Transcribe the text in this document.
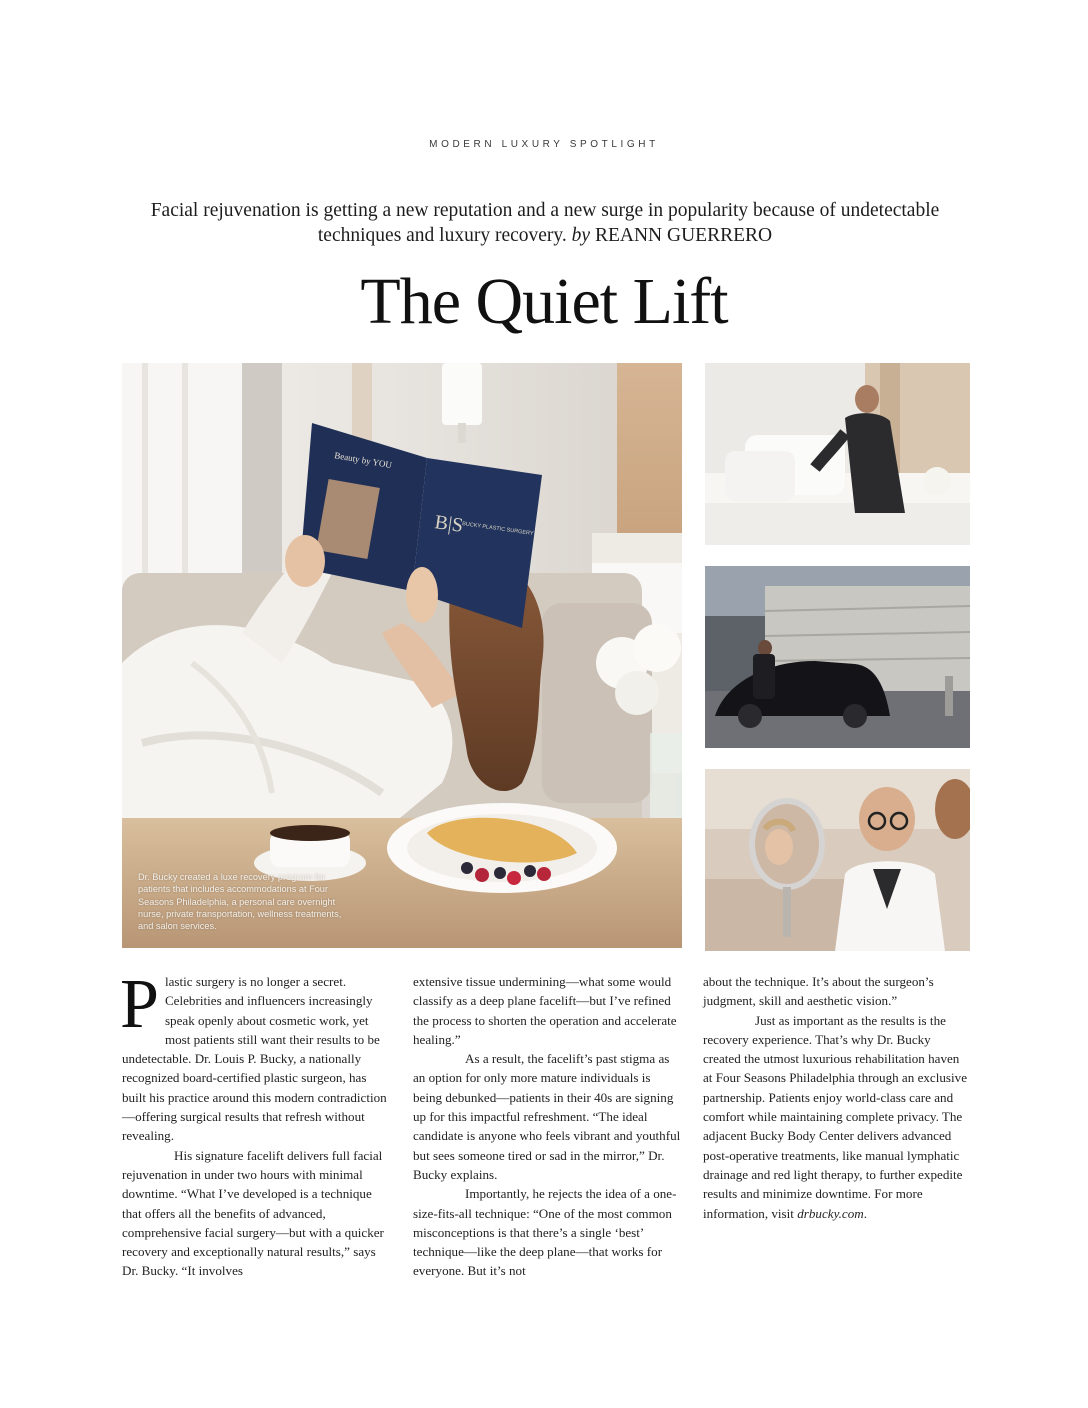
MODERN LUXURY SPOTLIGHT
Facial rejuvenation is getting a new reputation and a new surge in popularity because of undetectable techniques and luxury recovery. by REANN GUERRERO
The Quiet Lift
Beauty by YOU
B|S
BUCKY PLASTIC SURGERY
Dr. Bucky created a luxe recovery program for patients that includes accommodations at Four Seasons Philadelphia, a personal care overnight nurse, private transportation, wellness treatments, and salon services.
P lastic surgery is no longer a secret. Celebrities and influencers increasingly speak openly about cosmetic work, yet most patients still want their results to be undetectable. Dr. Louis P. Bucky, a nationally recognized board-certified plastic surgeon, has built his practice around this modern contradiction—offering surgical results that refresh without revealing.

His signature facelift delivers full facial rejuvenation in under two hours with minimal downtime. “What I’ve developed is a technique that offers all the benefits of advanced, comprehensive facial surgery—but with a quicker recovery and exceptionally natural results,” says Dr. Bucky. “It involves

extensive tissue undermining—what some would classify as a deep plane facelift—but I’ve refined the process to shorten the operation and accelerate healing.”

As a result, the facelift’s past stigma as an option for only more mature individuals is being debunked—patients in their 40s are signing up for this impactful refreshment. “The ideal candidate is anyone who feels vibrant and youthful but sees someone tired or sad in the mirror,” Dr. Bucky explains.

Importantly, he rejects the idea of a one-size-fits-all technique: “One of the most common misconceptions is that there’s a single ‘best’ technique—like the deep plane—that works for everyone. But it’s not

about the technique. It’s about the surgeon’s judgment, skill and aesthetic vision.”

Just as important as the results is the recovery experience. That’s why Dr. Bucky created the utmost luxurious rehabilitation haven at Four Seasons Philadelphia through an exclusive partnership. Patients enjoy world-class care and comfort while maintaining complete privacy. The adjacent Bucky Body Center delivers advanced post-operative treatments, like manual lymphatic drainage and red light therapy, to further expedite results and minimize downtime. For more information, visit drbucky.com.
